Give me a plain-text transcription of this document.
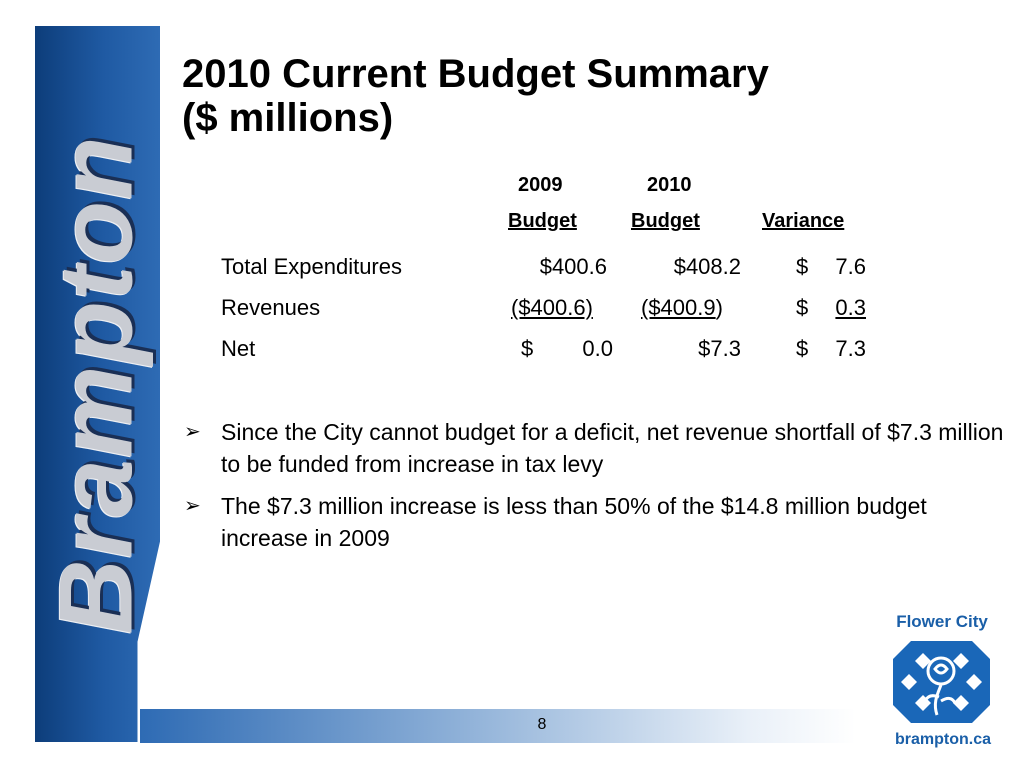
Brampton
2010 Current Budget Summary
($ millions)
2009	2010
Budget	Budget	Variance
Total Expenditures	$400.6	$408.2	$	7.6
Revenues	($400.6) ($400.9)	$	0.3
Net	$	0.0	$7.3	$	7.3
➢ Since the City cannot budget for a deficit, net revenue shortfall of $7.3 million to be funded from increase in tax levy
➢ The $7.3 million increase is less than 50% of the $14.8 million budget increase in 2009
8
Flower City
brampton.ca
